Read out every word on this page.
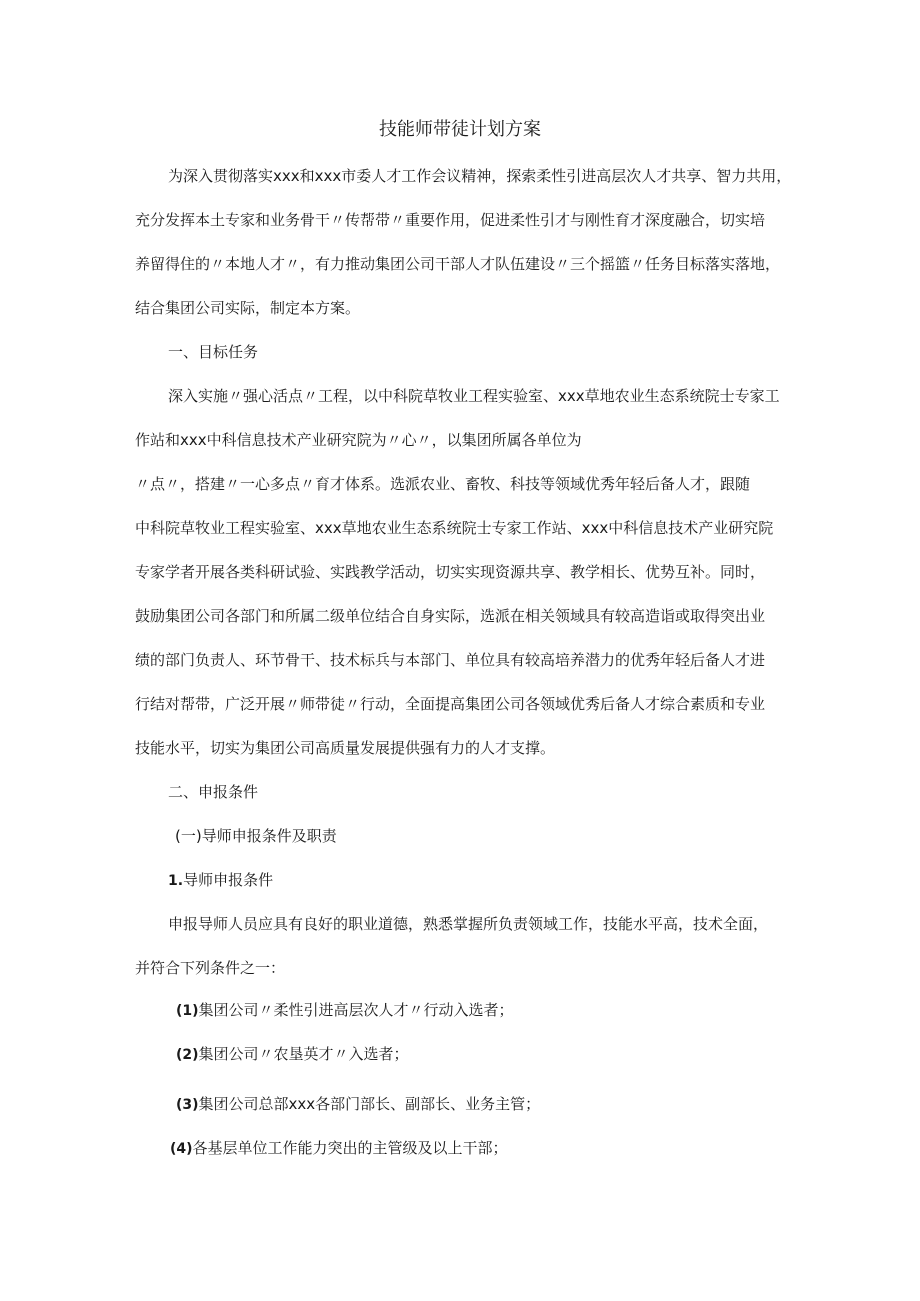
技能师带徒计划方案
为深入贯彻落实xxx和xxx市委人才工作会议精神，探索柔性引进高层次人才共享、智力共用，
充分发挥本土专家和业务骨干〃传帮带〃重要作用，促进柔性引才与刚性育才深度融合，切实培
养留得住的〃本地人才〃，有力推动集团公司干部人才队伍建设〃三个摇篮〃任务目标落实落地，
结合集团公司实际，制定本方案。
一、目标任务
深入实施〃强心活点〃工程，以中科院草牧业工程实验室、xxx草地农业生态系统院士专家工
作站和xxx中科信息技术产业研究院为〃心〃，以集团所属各单位为
〃点〃，搭建〃一心多点〃育才体系。选派农业、畜牧、科技等领域优秀年轻后备人才，跟随
中科院草牧业工程实验室、xxx草地农业生态系统院士专家工作站、xxx中科信息技术产业研究院
专家学者开展各类科研试验、实践教学活动，切实实现资源共享、教学相长、优势互补。同时，
鼓励集团公司各部门和所属二级单位结合自身实际，选派在相关领域具有较高造诣或取得突出业
绩的部门负责人、环节骨干、技术标兵与本部门、单位具有较高培养潜力的优秀年轻后备人才进
行结对帮带，广泛开展〃师带徒〃行动，全面提高集团公司各领域优秀后备人才综合素质和专业
技能水平，切实为集团公司高质量发展提供强有力的人才支撑。
二、申报条件
(一)导师申报条件及职责
1.导师申报条件
申报导师人员应具有良好的职业道德，熟悉掌握所负责领域工作，技能水平高，技术全面，
并符合下列条件之一：
(1)集团公司〃柔性引进高层次人才〃行动入选者；
(2)集团公司〃农垦英才〃入选者；
(3)集团公司总部xxx各部门部长、副部长、业务主管；
(4)各基层单位工作能力突出的主管级及以上干部；
